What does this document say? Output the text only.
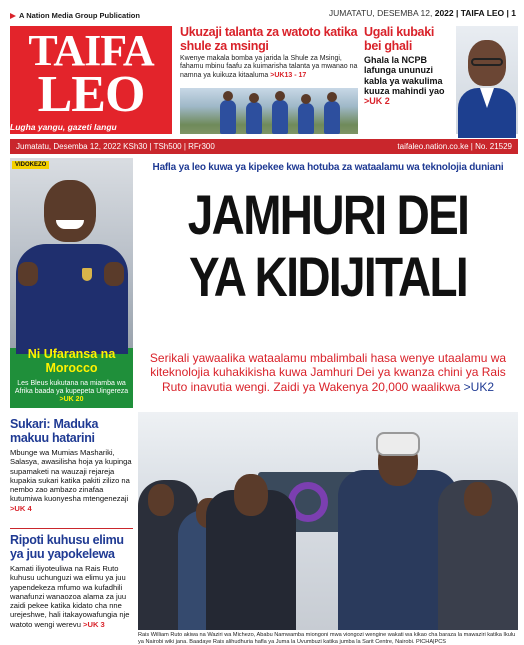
A Nation Media Group Publication	JUMATATU, DESEMBA 12, 2022 | TAIFA LEO | 1
TAIFA
LEO
Lugha yangu, gazeti langu
Ukuzaji talanta za watoto katika shule za msingi
Kwenye makala bomba ya jarida la Shule za Msingi, fahamu mbinu faafu za kuimarisha talanta ya mwanao na namna ya kuikuza kitaaluma >UK13 - 17
Ugali kubaki bei ghali
Ghala la NCPB lafunga ununuzi kabla ya wakulima kuuza mahindi yao >UK 2
Jumatatu, Desemba 12, 2022 KSh30 | TSh500 | RFr300	taifaleo.nation.co.ke | No. 21529
VIDOKEZO
Ni Ufaransa na Morocco
Les Bleus kukutana na miamba wa Afrika baada ya kupepeta Uingereza >UK 20
Sukari: Maduka makuu hatarini

Mbunge wa Mumias Mashariki, Salasya, awasilisha hoja ya kupinga supamaketi na wauzaji rejareja kupakia sukari katika pakiti zilizo na nembo zao ambazo zinafaa kutumiwa kuonyesha mtengenezaji >UK 4

Ripoti kuhusu elimu ya juu yapokelewa

Kamati iliyoteuliwa na Rais Ruto kuhusu uchunguzi wa elimu ya juu yapendekeza mfumo wa kufadhili wanafunzi wanaozoa alama za juu zaidi pekee katika kidato cha nne urejeshwe, hali itakayowafungia nje watoto wengi werevu >UK 3

Hafla ya leo kuwa ya kipekee kwa hotuba za wataalamu wa teknolojia duniani
JAMHURI DEI
YA KIDIJITALI
Serikali yawaalika wataalamu mbalimbali hasa wenye utaalamu wa kiteknolojia kuhakikisha kuwa Jamhuri Dei ya kwanza chini ya Rais Ruto inavutia wengi. Zaidi ya Wakenya 20,000 waalikwa >UK2
Rais William Ruto akiwa na Waziri wa Michezo, Ababu Namwamba miongoni mwa viongozi wengine wakati wa kikao cha baraza la mawaziri katika Ikulu ya Nairobi wiki jana. Baadaye Rais alihudhuria hafla ya Juma la Uvumbuzi katika jumba la Sarit Centre, Nairobi. PICHA|PCS
